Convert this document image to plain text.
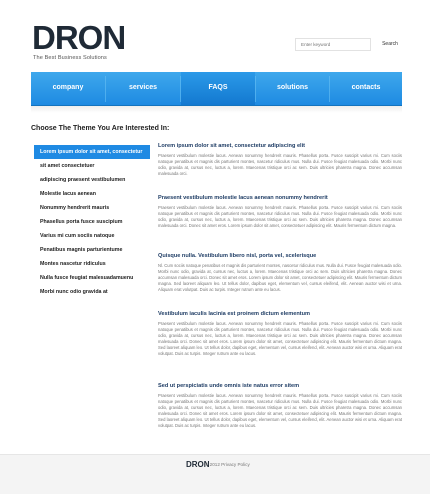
DRON
The Best Business Solutions
Enter keyword
Search
company	services	FAQS	solutions	contacts
Choose The Theme You Are Interested In:
Lorem ipsum dolor sit amet, consectetur
sit amet consectetuer
adipiscing praesent vestibulumen
Molestie lacus aenean
Nonummy hendrerit mauris
Phasellus porta fusce suscipium
Varius mi cum sociis natoque
Penatibus magnis parturientume
Montes nascetur ridiculus
Nulla fusce feugiat malesuadamuenu
Morbi nunc odio gravida at
Lorem ipsum dolor sit amet, consectetur adipiscing elit
Praesent vestibulum molestie lacus. Aenean nonummy hendrerit mauris. Phasellus porta. Fusce suscipit varius mi. Cum sociis natoque penatibus et magnis dis parturient montes, nascetur ridiculus mus. Nulla dui. Fusce feugiat malesuada odio. Morbi nunc odio, gravida at, cursus nec, luctus a, lorem. Maecenas tristique orci ac sem. Duis ultricies pharetra magna. Donec accumsan malesuada orci.
Praesent vestibulum molestie lacus aenean nonummy hendrerit
Praesent vestibulum molestie lacus. Aenean nonummy hendrerit mauris. Phasellus porta. Fusce suscipit varius mi. Cum sociis natoque penatibus et magnis dis parturient montes, nascetur ridiculus mus. Nulla dui. Fusce feugiat malesuada odio. Morbi nunc odio, gravida at, cursus nec, luctus a, lorem. Maecenas tristique orci ac sem. Duis ultricies pharetra magna. Donec accumsan malesuada orci. Donec sit amet eros. Lorem ipsum dolor sit amet, consectetuer adipiscing elit. Mauris fermentum dictum magna.
Quisque nulla. Vestibulum libero nisl, porta vel, scelerisque
Nl. Cum sociis natoque penatibus et magnis dis parturient montes, nascetur ridiculus mus. Nulla dui. Fusce feugiat malesuada odio. Morbi nunc odio, gravida at, cursus nec, luctus a, lorem. Maecenas tristique orci ac sem. Duis ultricies pharetra magna. Donec accumsan malesuada orci. Donec sit amet eros. Lorem ipsum dolor sit amet, consectetuer adipiscing elit. Mauris fermentum dictum magna. Sed laoreet aliquam leo. Ut tellus dolor, dapibus eget, elementum vel, cursus eleifend, elit. Aenean auctor wisi et urna. Aliquam erat volutpat. Duis ac turpis. Integer rutrum ante eu lacus.
Vestibulum iaculis lacinia est proinem dictum elementum
Praesent vestibulum molestie lacus. Aenean nonummy hendrerit mauris. Phasellus porta. Fusce suscipit varius mi. Cum sociis natoque penatibus et magnis dis parturient montes, nascetur ridiculus mus. Nulla dui. Fusce feugiat malesuada odio. Morbi nunc odio, gravida at, cursus nec, luctus a, lorem. Maecenas tristique orci ac sem. Duis ultricies pharetra magna. Donec accumsan malesuada orci. Donec sit amet eros. Lorem ipsum dolor sit amet, consectetuer adipiscing elit. Mauris fermentum dictum magna. Sed laoreet aliquam leo. Ut tellus dolor, dapibus eget, elementum vel, cursus eleifend, elit. Aenean auctor wisi et urna. Aliquam erat volutpat. Duis ac turpis. Integer rutrum ante eu lacus.
Sed ut perspiciatis unde omnis iste natus error sitem
Praesent vestibulum molestie lacus. Aenean nonummy hendrerit mauris. Phasellus porta. Fusce suscipit varius mi. Cum sociis natoque penatibus et magnis dis parturient montes, nascetur ridiculus mus. Nulla dui. Fusce feugiat malesuada odio. Morbi nunc odio, gravida at, cursus nec, luctus a, lorem. Maecenas tristique orci ac sem. Duis ultricies pharetra magna. Donec accumsan malesuada orci. Donec sit amet eros. Lorem ipsum dolor sit amet, consectetuer adipiscing elit. Mauris fermentum dictum magna. Sed laoreet aliquam leo. Ut tellus dolor, dapibus eget, elementum vel, cursus eleifend, elit. Aenean auctor wisi et urna. Aliquam erat volutpat. Duis ac turpis. Integer rutrum ante eu lacus.
DRON
© 2012 Privacy Policy
